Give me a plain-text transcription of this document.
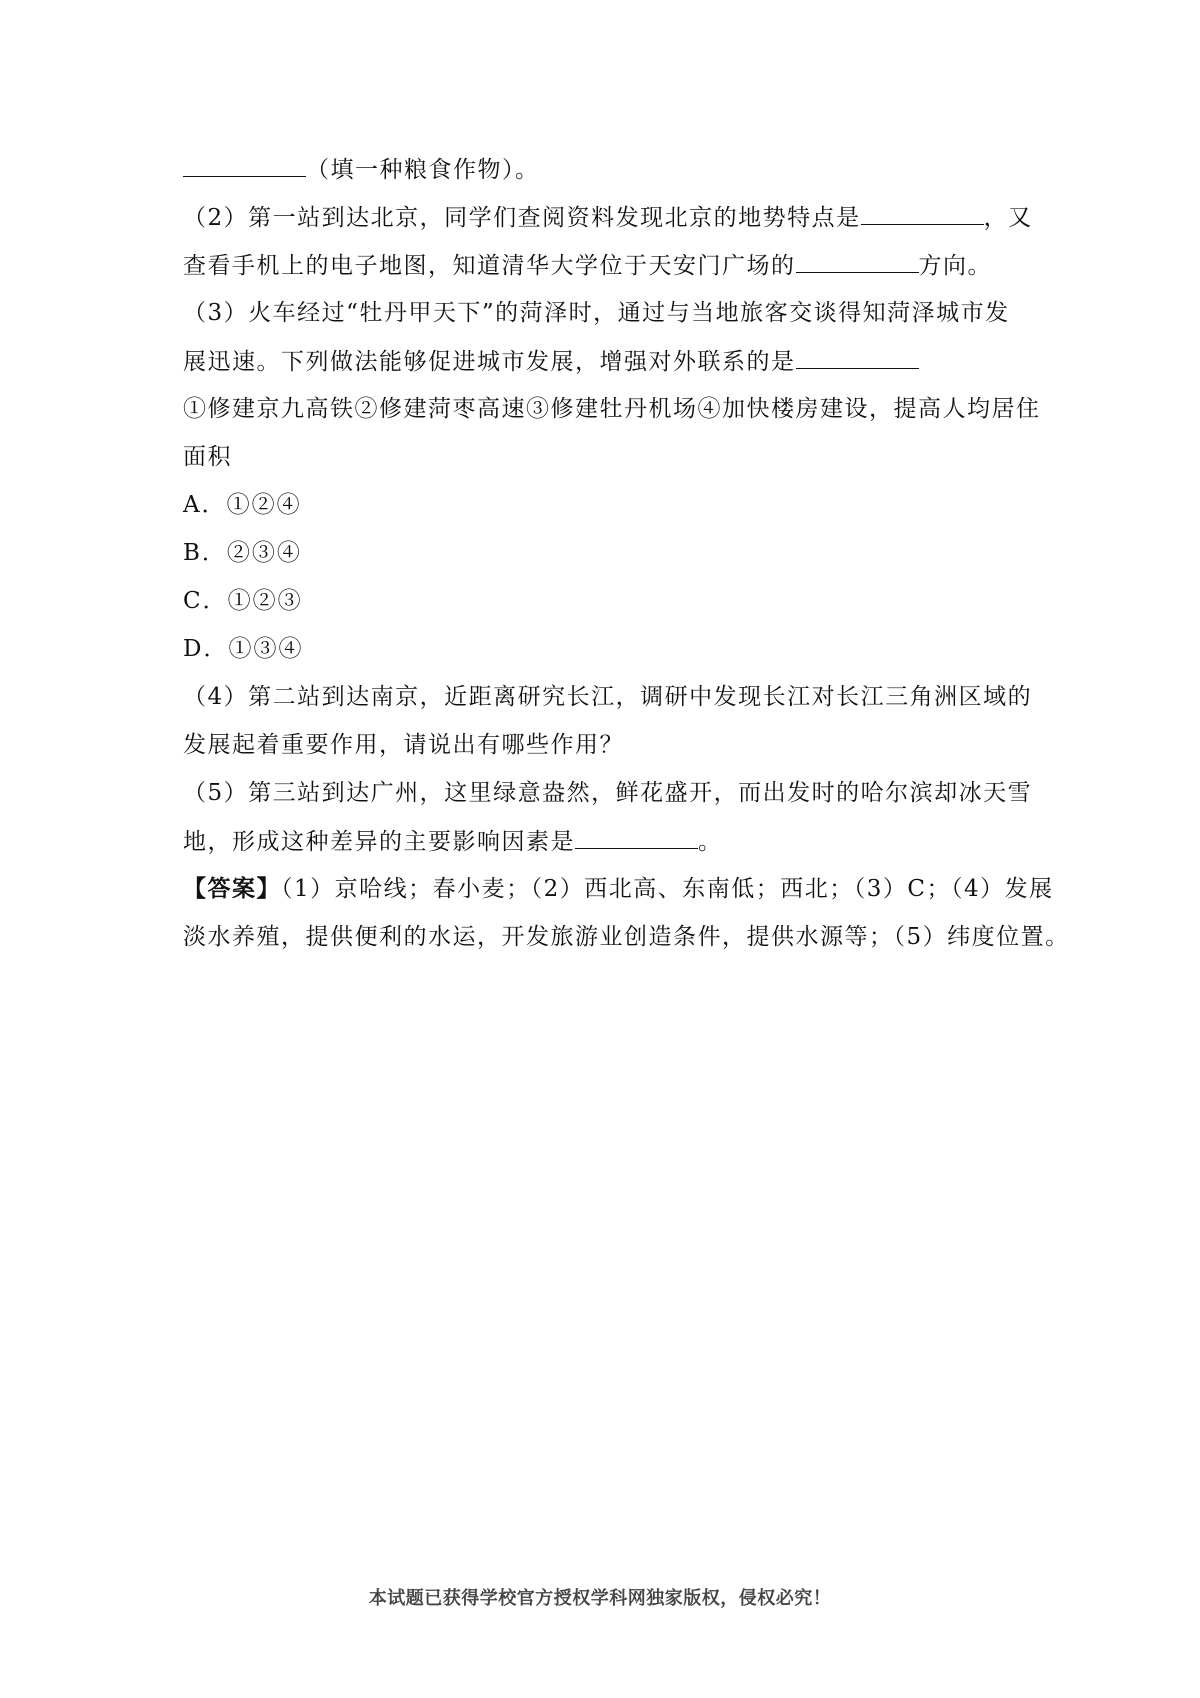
（填一种粮食作物）。
（2）第一站到达北京，同学们查阅资料发现北京的地势特点是	，又
查看手机上的电子地图，知道清华大学位于天安门广场的	方向。
（3）火车经过“牡丹甲天下”的菏泽时，通过与当地旅客交谈得知菏泽城市发
展迅速。下列做法能够促进城市发展，增强对外联系的是
①修建京九高铁②修建菏枣高速③修建牡丹机场④加快楼房建设，提高人均居住
面积
A．①②④
B．②③④
C．①②③
D．①③④
（4）第二站到达南京，近距离研究长江，调研中发现长江对长江三角洲区域的
发展起着重要作用，请说出有哪些作用？
（5）第三站到达广州，这里绿意盎然，鲜花盛开，而出发时的哈尔滨却冰天雪
地，形成这种差异的主要影响因素是	。
【答案】（1）京哈线；春小麦；（2）西北高、东南低；西北；（3）C；（4）发展
淡水养殖，提供便利的水运，开发旅游业创造条件，提供水源等；（5）纬度位置。
本试题已获得学校官方授权学科网独家版权，侵权必究！
